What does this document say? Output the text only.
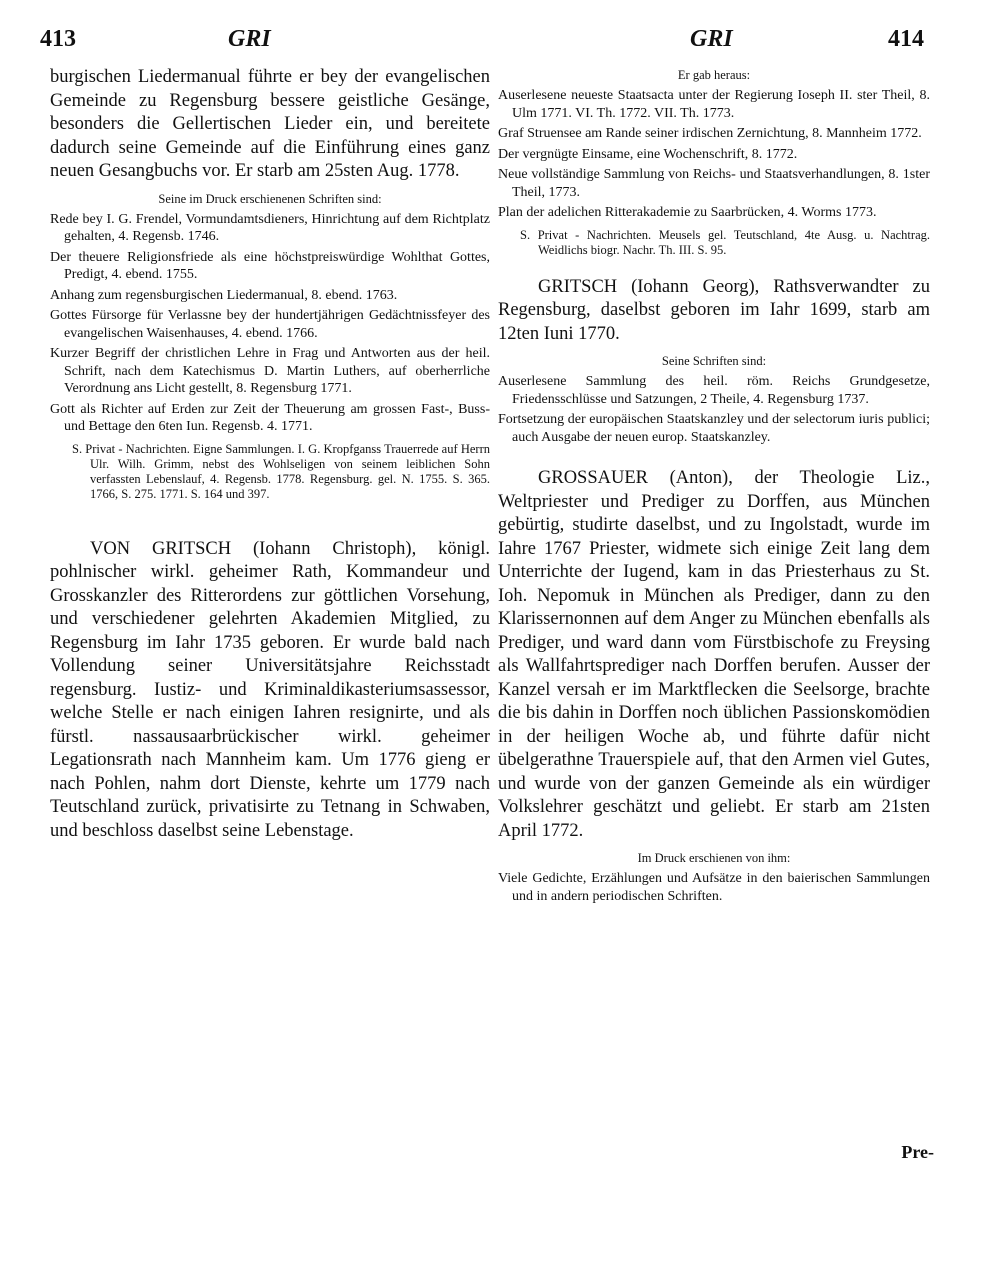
413	GRI	GRI	414

burgischen Liedermanual führte er bey der evangelischen Gemeinde zu Regensburg bessere geistliche Gesänge, besonders die Gellertischen Lieder ein, und bereitete dadurch seine Gemeinde auf die Einführung eines ganz neuen Gesangbuchs vor. Er starb am 25sten Aug. 1778.

Seine im Druck erschienenen Schriften sind:
Rede bey I. G. Frendel, Vormundamtsdieners, Hinrichtung auf dem Richtplatz gehalten, 4. Regensb. 1746.
Der theuere Religionsfriede als eine höchstpreiswürdige Wohlthat Gottes, Predigt, 4. ebend. 1755.
Anhang zum regensburgischen Liedermanual, 8. ebend. 1763.
Gottes Fürsorge für Verlassne bey der hundertjährigen Gedächtnissfeyer des evangelischen Waisenhauses, 4. ebend. 1766.
Kurzer Begriff der christlichen Lehre in Frag und Antworten aus der heil. Schrift, nach dem Katechismus D. Martin Luthers, auf oberherrliche Verordnung ans Licht gestellt, 8. Regensburg 1771.
Gott als Richter auf Erden zur Zeit der Theuerung am grossen Fast-, Buss- und Bettage den 6ten Iun. Regensb. 4. 1771.
S. Privat - Nachrichten. Eigne Sammlungen. I. G. Kropfganss Trauerrede auf Herrn Ulr. Wilh. Grimm, nebst des Wohlseligen von seinem leiblichen Sohn verfassten Lebenslauf, 4. Regensb. 1778. Regensburg. gel. N. 1755. S. 365. 1766, S. 275. 1771. S. 164 und 397.

VON GRITSCH (Iohann Christoph), königl. pohlnischer wirkl. geheimer Rath, Kommandeur und Grosskanzler des Ritterordens zur göttlichen Vorsehung, und verschiedener gelehrten Akademien Mitglied, zu Regensburg im Iahr 1735 geboren. Er wurde bald nach Vollendung seiner Universitätsjahre Reichsstadt regensburg. Iustiz- und Kriminaldikasteriumsassessor, welche Stelle er nach einigen Iahren resignirte, und als fürstl. nassausaarbrückischer wirkl. geheimer Legationsrath nach Mannheim kam. Um 1776 gieng er nach Pohlen, nahm dort Dienste, kehrte um 1779 nach Teutschland zurück, privatisirte zu Tetnang in Schwaben, und beschloss daselbst seine Lebenstage.

Er gab heraus:
Auserlesene neueste Staatsacta unter der Regierung Ioseph II. ster Theil, 8. Ulm 1771. VI. Th. 1772. VII. Th. 1773.
Graf Struensee am Rande seiner irdischen Zernichtung, 8. Mannheim 1772.
Der vergnügte Einsame, eine Wochenschrift, 8. 1772.
Neue vollständige Sammlung von Reichs- und Staatsverhandlungen, 8. 1ster Theil, 1773.
Plan der adelichen Ritterakademie zu Saarbrücken, 4. Worms 1773.
S. Privat - Nachrichten. Meusels gel. Teutschland, 4te Ausg. u. Nachtrag. Weidlichs biogr. Nachr. Th. III. S. 95.

GRITSCH (Iohann Georg), Rathsverwandter zu Regensburg, daselbst geboren im Iahr 1699, starb am 12ten Iuni 1770.

Seine Schriften sind:
Auserlesene Sammlung des heil. röm. Reichs Grundgesetze, Friedensschlüsse und Satzungen, 2 Theile, 4. Regensburg 1737.
Fortsetzung der europäischen Staatskanzley und der selectorum iuris publici; auch Ausgabe der neuen europ. Staatskanzley.

GROSSAUER (Anton), der Theologie Liz., Weltpriester und Prediger zu Dorffen, aus München gebürtig, studirte daselbst, und zu Ingolstadt, wurde im Iahre 1767 Priester, widmete sich einige Zeit lang dem Unterrichte der Iugend, kam in das Priesterhaus zu St. Ioh. Nepomuk in München als Prediger, dann zu den Klarissernonnen auf dem Anger zu München ebenfalls als Prediger, und ward dann vom Fürstbischofe zu Freysing als Wallfahrtsprediger nach Dorffen berufen. Ausser der Kanzel versah er im Marktflecken die Seelsorge, brachte die bis dahin in Dorffen noch üblichen Passionskomödien in der heiligen Woche ab, und führte dafür nicht übelgerathne Trauerspiele auf, that den Armen viel Gutes, und wurde von der ganzen Gemeinde als ein würdiger Volkslehrer geschätzt und geliebt. Er starb am 21sten April 1772.

Im Druck erschienen von ihm:
Viele Gedichte, Erzählungen und Aufsätze in den baierischen Sammlungen und in andern periodischen Schriften.
Pre-
